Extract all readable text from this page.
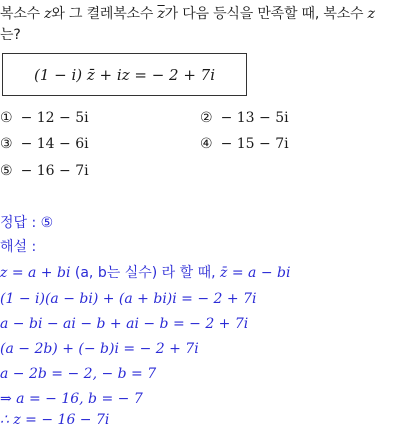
복소수 z와 그 켤레복소수 $\overline{z}$가 다음 등식을 만족할 때, 복소수 z
는?
(1 − i) z̄ + iz = − 2 + 7i
① − 12 − 5i	② − 13 − 5i
③ − 14 − 6i	④ − 15 − 7i
⑤ − 16 − 7i
정답 : ⑤
해설 :
z = a + bi (a, b는 실수) 라 할 때, z̄ = a − bi
(1 − i)(a − bi) + (a + bi)i = − 2 + 7i
a − bi − ai − b + ai − b = − 2 + 7i
(a − 2b) + (− b)i = − 2 + 7i
a − 2b = − 2, − b = 7
⇒ a = − 16, b = − 7
∴ z = − 16 − 7i
